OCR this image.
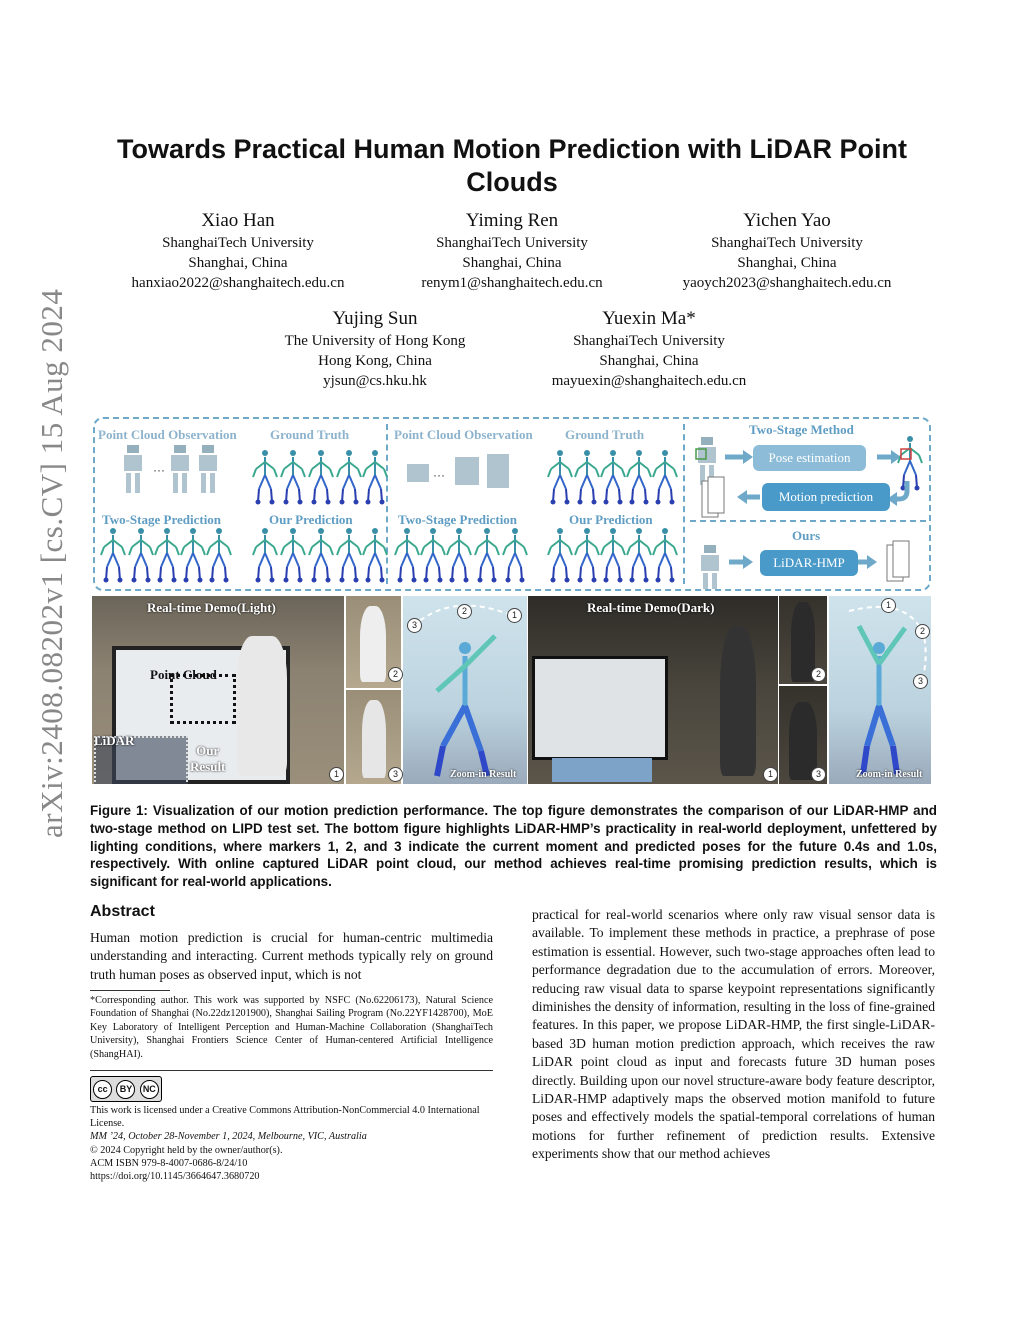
arXiv:2408.08202v1 [cs.CV] 15 Aug 2024
Towards Practical Human Motion Prediction with LiDAR Point Clouds
Xiao Han
ShanghaiTech University
Shanghai, China
hanxiao2022@shanghaitech.edu.cn
Yiming Ren
ShanghaiTech University
Shanghai, China
renym1@shanghaitech.edu.cn
Yichen Yao
ShanghaiTech University
Shanghai, China
yaoych2023@shanghaitech.edu.cn
Yujing Sun
The University of Hong Kong
Hong Kong, China
yjsun@cs.hku.hk
Yuexin Ma*
ShanghaiTech University
Shanghai, China
mayuexin@shanghaitech.edu.cn
Point Cloud Observation	Ground Truth
Two-Stage Prediction	Our Prediction
Point Cloud Observation Ground Truth
Two-Stage Prediction	Our Prediction
···	···
Two-Stage Method
Pose estimation
Motion prediction
Ours
LiDAR-HMP
Real-time Demo(Light)
Point Cloud
LiDAR
Our
Result	1
2
3
3
2	1
Zoom-in Result
Real-time Demo(Dark)
1
2
3
1
2
3
Zoom-in Result
Figure 1: Visualization of our motion prediction performance. The top figure demonstrates the comparison of our LiDAR-HMP and two-stage method on LIPD test set. The bottom figure highlights LiDAR-HMP’s practicality in real-world deployment, unfettered by lighting conditions, where markers 1, 2, and 3 indicate the current moment and predicted poses for the future 0.4s and 1.0s, respectively. With online captured LiDAR point cloud, our method achieves real-time promising prediction results, which is significant for real-world applications.
Abstract
Human motion prediction is crucial for human-centric multimedia understanding and interacting. Current methods typically rely on ground truth human poses as observed input, which is not
practical for real-world scenarios where only raw visual sensor data is available. To implement these methods in practice, a prephrase of pose estimation is essential. However, such two-stage approaches often lead to performance degradation due to the accumulation of errors. Moreover, reducing raw visual data to sparse keypoint representations significantly diminishes the density of information, resulting in the loss of fine-grained features. In this paper, we propose LiDAR-HMP, the first single-LiDAR-based 3D human motion prediction approach, which receives the raw LiDAR point cloud as input and forecasts future 3D human poses directly. Building upon our novel structure-aware body feature descriptor, LiDAR-HMP adaptively maps the observed motion manifold to future poses and effectively models the spatial-temporal correlations of human motions for further refinement of prediction results. Extensive experiments show that our method achieves
*Corresponding author. This work was supported by NSFC (No.62206173), Natural Science Foundation of Shanghai (No.22dz1201900), Shanghai Sailing Program (No.22YF1428700), MoE Key Laboratory of Intelligent Perception and Human-Machine Collaboration (ShanghaiTech University), Shanghai Frontiers Science Center of Human-centered Artificial Intelligence (ShangHAI).
cc	BY	NC
This work is licensed under a Creative Commons Attribution-NonCommercial 4.0 International License.
MM ’24, October 28-November 1, 2024, Melbourne, VIC, Australia
© 2024 Copyright held by the owner/author(s).
ACM ISBN 979-8-4007-0686-8/24/10
https://doi.org/10.1145/3664647.3680720
